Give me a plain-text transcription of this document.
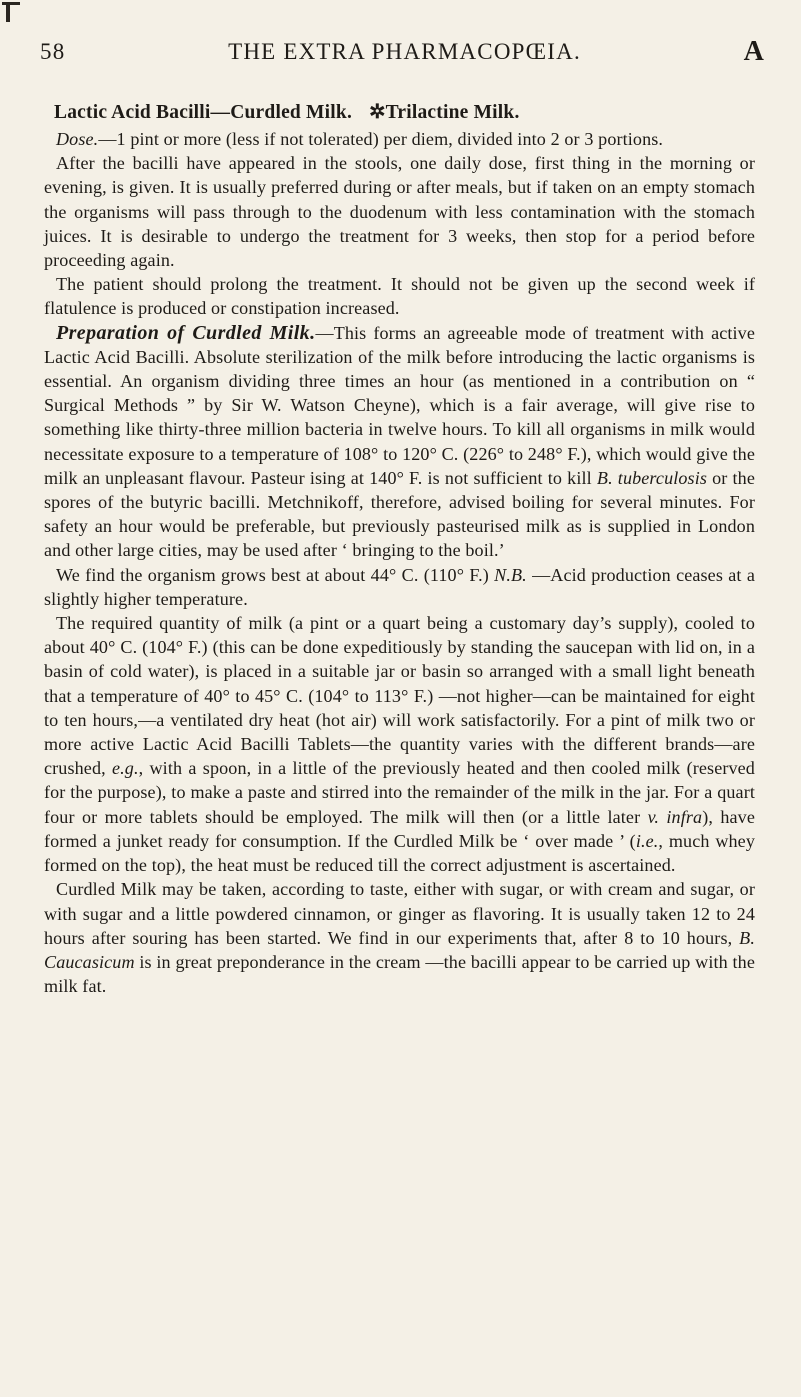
58	THE EXTRA PHARMACOPŒIA.	A
Lactic Acid Bacilli—Curdled Milk. ✲Trilactine Milk.

Dose.—1 pint or more (less if not tolerated) per diem, divided into 2 or 3 portions.

After the bacilli have appeared in the stools, one daily dose, first thing in the morning or evening, is given. It is usually preferred during or after meals, but if taken on an empty stomach the organisms will pass through to the duodenum with less contamination with the stomach juices. It is desirable to undergo the treatment for 3 weeks, then stop for a period before proceeding again.

The patient should prolong the treatment. It should not be given up the second week if flatulence is produced or constipation increased.

Preparation of Curdled Milk.—This forms an agreeable mode of treatment with active Lactic Acid Bacilli. Absolute sterilization of the milk before introducing the lactic organisms is essential. An organism dividing three times an hour (as mentioned in a contribution on “ Surgical Methods ” by Sir W. Watson Cheyne), which is a fair average, will give rise to something like thirty-three million bacteria in twelve hours. To kill all organisms in milk would necessitate exposure to a temperature of 108° to 120° C. (226° to 248° F.), which would give the milk an unpleasant flavour. Pasteur ising at 140° F. is not sufficient to kill B. tuberculosis or the spores of the butyric bacilli. Metchnikoff, therefore, advised boiling for several minutes. For safety an hour would be preferable, but previously pasteurised milk as is supplied in London and other large cities, may be used after ‘ bringing to the boil.’

We find the organism grows best at about 44° C. (110° F.) N.B. —Acid production ceases at a slightly higher temperature.

The required quantity of milk (a pint or a quart being a customary day’s supply), cooled to about 40° C. (104° F.) (this can be done expeditiously by standing the saucepan with lid on, in a basin of cold water), is placed in a suitable jar or basin so arranged with a small light beneath that a temperature of 40° to 45° C. (104° to 113° F.) —not higher—can be maintained for eight to ten hours,—a ventilated dry heat (hot air) will work satisfactorily. For a pint of milk two or more active Lactic Acid Bacilli Tablets—the quantity varies with the different brands—are crushed, e.g., with a spoon, in a little of the previously heated and then cooled milk (reserved for the purpose), to make a paste and stirred into the remainder of the milk in the jar. For a quart four or more tablets should be employed. The milk will then (or a little later v. infra), have formed a junket ready for consumption. If the Curdled Milk be ‘ over made ’ (i.e., much whey formed on the top), the heat must be reduced till the correct adjustment is ascertained.

Curdled Milk may be taken, according to taste, either with sugar, or with cream and sugar, or with sugar and a little powdered cinnamon, or ginger as flavoring. It is usually taken 12 to 24 hours after souring has been started. We find in our experiments that, after 8 to 10 hours, B. Caucasicum is in great preponderance in the cream —the bacilli appear to be carried up with the milk fat.
